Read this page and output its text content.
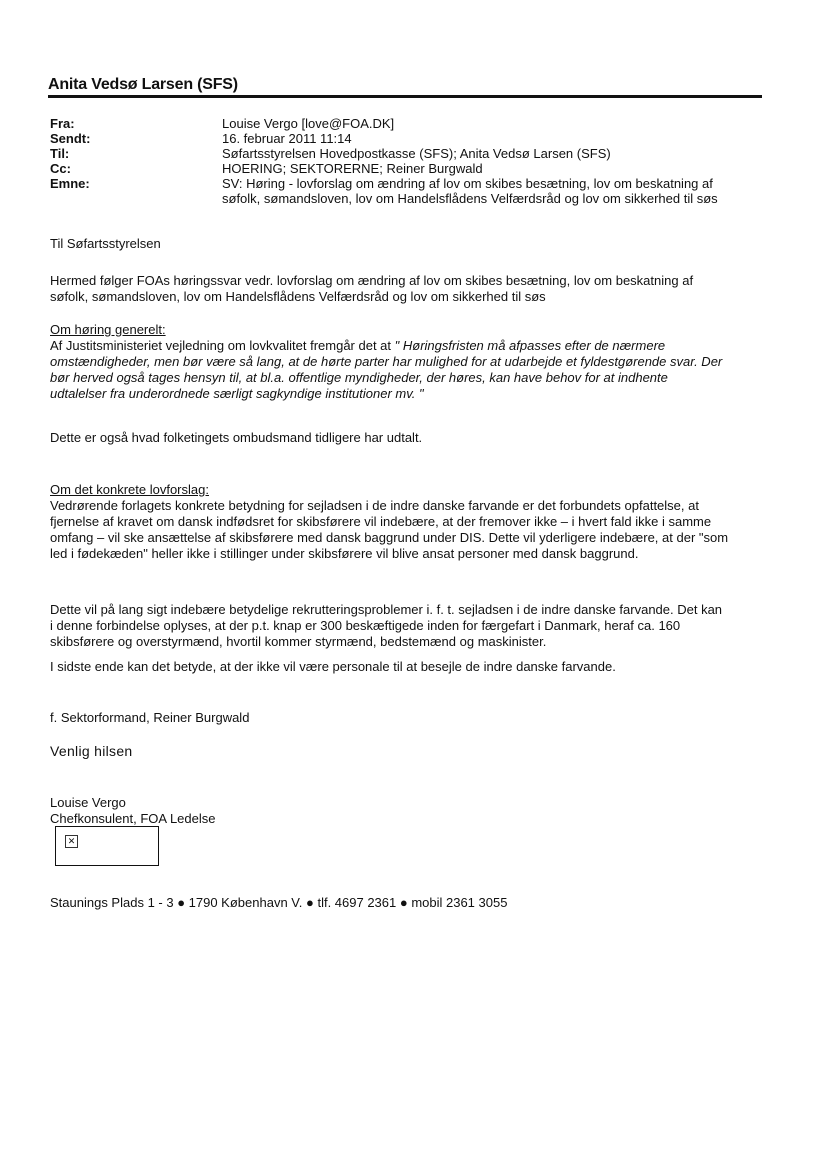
Anita Vedsø Larsen (SFS)
Fra:	Louise Vergo [love@FOA.DK]
Sendt:	16. februar 2011 11:14
Til:	Søfartsstyrelsen Hovedpostkasse (SFS); Anita Vedsø Larsen (SFS)
Cc:	HOERING; SEKTORERNE; Reiner Burgwald
Emne:	SV: Høring - lovforslag om ændring af lov om skibes besætning, lov om beskatning af
søfolk, sømandsloven, lov om Handelsflådens Velfærdsråd og lov om sikkerhed til søs
Til Søfartsstyrelsen
Hermed følger FOAs høringssvar vedr. lovforslag om ændring af lov om skibes besætning, lov om beskatning af
søfolk, sømandsloven, lov om Handelsflådens Velfærdsråd og lov om sikkerhed til søs
Om høring generelt:
Af Justitsministeriet vejledning om lovkvalitet fremgår det at " Høringsfristen må afpasses efter de nærmere
omstændigheder, men bør være så lang, at de hørte parter har mulighed for at udarbejde et fyldestgørende svar. Der
bør herved også tages hensyn til, at bl.a. offentlige myndigheder, der høres, kan have behov for at indhente
udtalelser fra underordnede særligt sagkyndige institutioner mv. "
Dette er også hvad folketingets ombudsmand tidligere har udtalt.
Om det konkrete lovforslag:
Vedrørende forlagets konkrete betydning for sejladsen i de indre danske farvande er det forbundets opfattelse, at
fjernelse af kravet om dansk indfødsret for skibsførere vil indebære, at der fremover ikke – i hvert fald ikke i samme
omfang – vil ske ansættelse af skibsførere med dansk baggrund under DIS. Dette vil yderligere indebære, at der "som
led i fødekæden" heller ikke i stillinger under skibsførere vil blive ansat personer med dansk baggrund.
Dette vil på lang sigt indebære betydelige rekrutteringsproblemer i. f. t. sejladsen i de indre danske farvande. Det kan
i denne forbindelse oplyses, at der p.t. knap er 300 beskæftigede inden for færgefart i Danmark, heraf ca. 160
skibsførere og overstyrmænd, hvortil kommer styrmænd, bedstemænd og maskinister.
I sidste ende kan det betyde, at der ikke vil være personale til at besejle de indre danske farvande.
f. Sektorformand, Reiner Burgwald
Venlig hilsen
Louise Vergo
Chefkonsulent, FOA Ledelse
✕
Staunings Plads 1 - 3 ● 1790 København V. ● tlf. 4697 2361 ● mobil 2361 3055
